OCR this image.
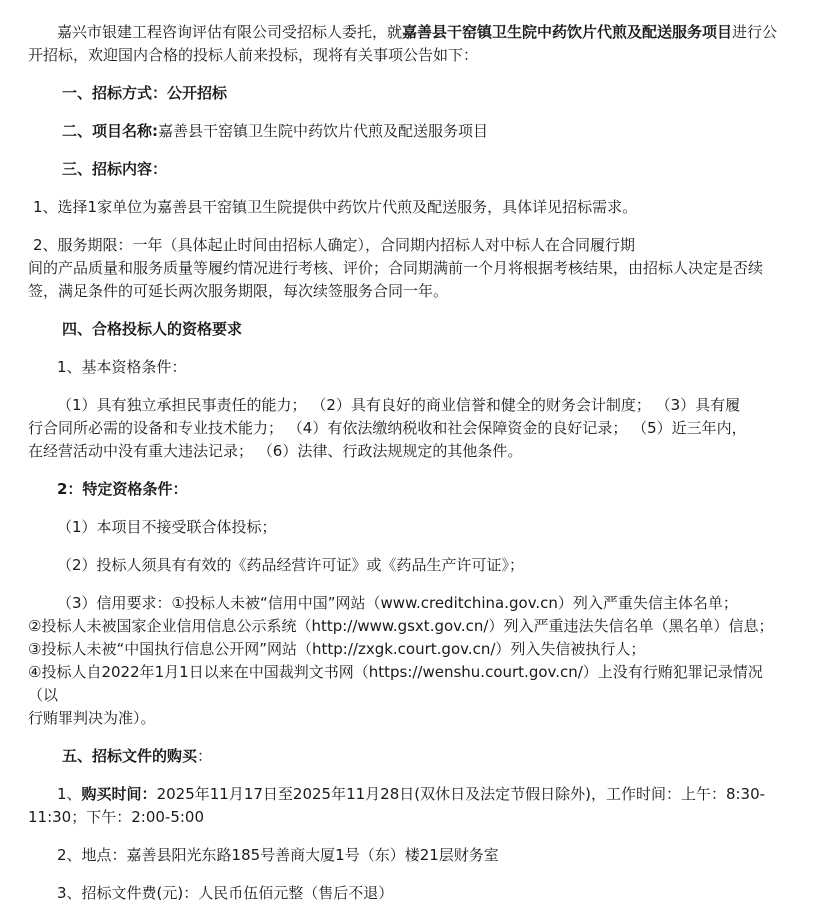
嘉兴市银建工程咨询评估有限公司受招标人委托，就嘉善县干窑镇卫生院中药饮片代煎及配送服务项目进行公
开招标，欢迎国内合格的投标人前来投标，现将有关事项公告如下：
一、招标方式：公开招标
二、项目名称:嘉善县干窑镇卫生院中药饮片代煎及配送服务项目
三、招标内容：
1、选择1家单位为嘉善县干窑镇卫生院提供中药饮片代煎及配送服务，具体详见招标需求。
2、服务期限：一年（具体起止时间由招标人确定），合同期内招标人对中标人在合同履行期
间的产品质量和服务质量等履约情况进行考核、评价；合同期满前一个月将根据考核结果，由招标人决定是否续
签，满足条件的可延长两次服务期限，每次续签服务合同一年。
四、合格投标人的资格要求
1、基本资格条件：
（1）具有独立承担民事责任的能力； （2）具有良好的商业信誉和健全的财务会计制度； （3）具有履
行合同所必需的设备和专业技术能力； （4）有依法缴纳税收和社会保障资金的良好记录； （5）近三年内，
在经营活动中没有重大违法记录； （6）法律、行政法规规定的其他条件。
2：特定资格条件：
（1）本项目不接受联合体投标；
（2）投标人须具有有效的《药品经营许可证》或《药品生产许可证》；
（3）信用要求：①投标人未被“信用中国”网站（www.creditchina.gov.cn）列入严重失信主体名单；
②投标人未被国家企业信用信息公示系统（http://www.gsxt.gov.cn/）列入严重违法失信名单（黑名单）信息；
③投标人未被“中国执行信息公开网”网站（http://zxgk.court.gov.cn/）列入失信被执行人；
④投标人自2022年1月1日以来在中国裁判文书网（https://wenshu.court.gov.cn/）上没有行贿犯罪记录情况（以
行贿罪判决为准）。
五、招标文件的购买：
1、购买时间：2025年11月17日至2025年11月28日(双休日及法定节假日除外)，工作时间：上午：8:30-
11:30；下午：2:00-5:00
2、地点：嘉善县阳光东路185号善商大厦1号（东）楼21层财务室
3、招标文件费(元)：人民币伍佰元整（售后不退）
